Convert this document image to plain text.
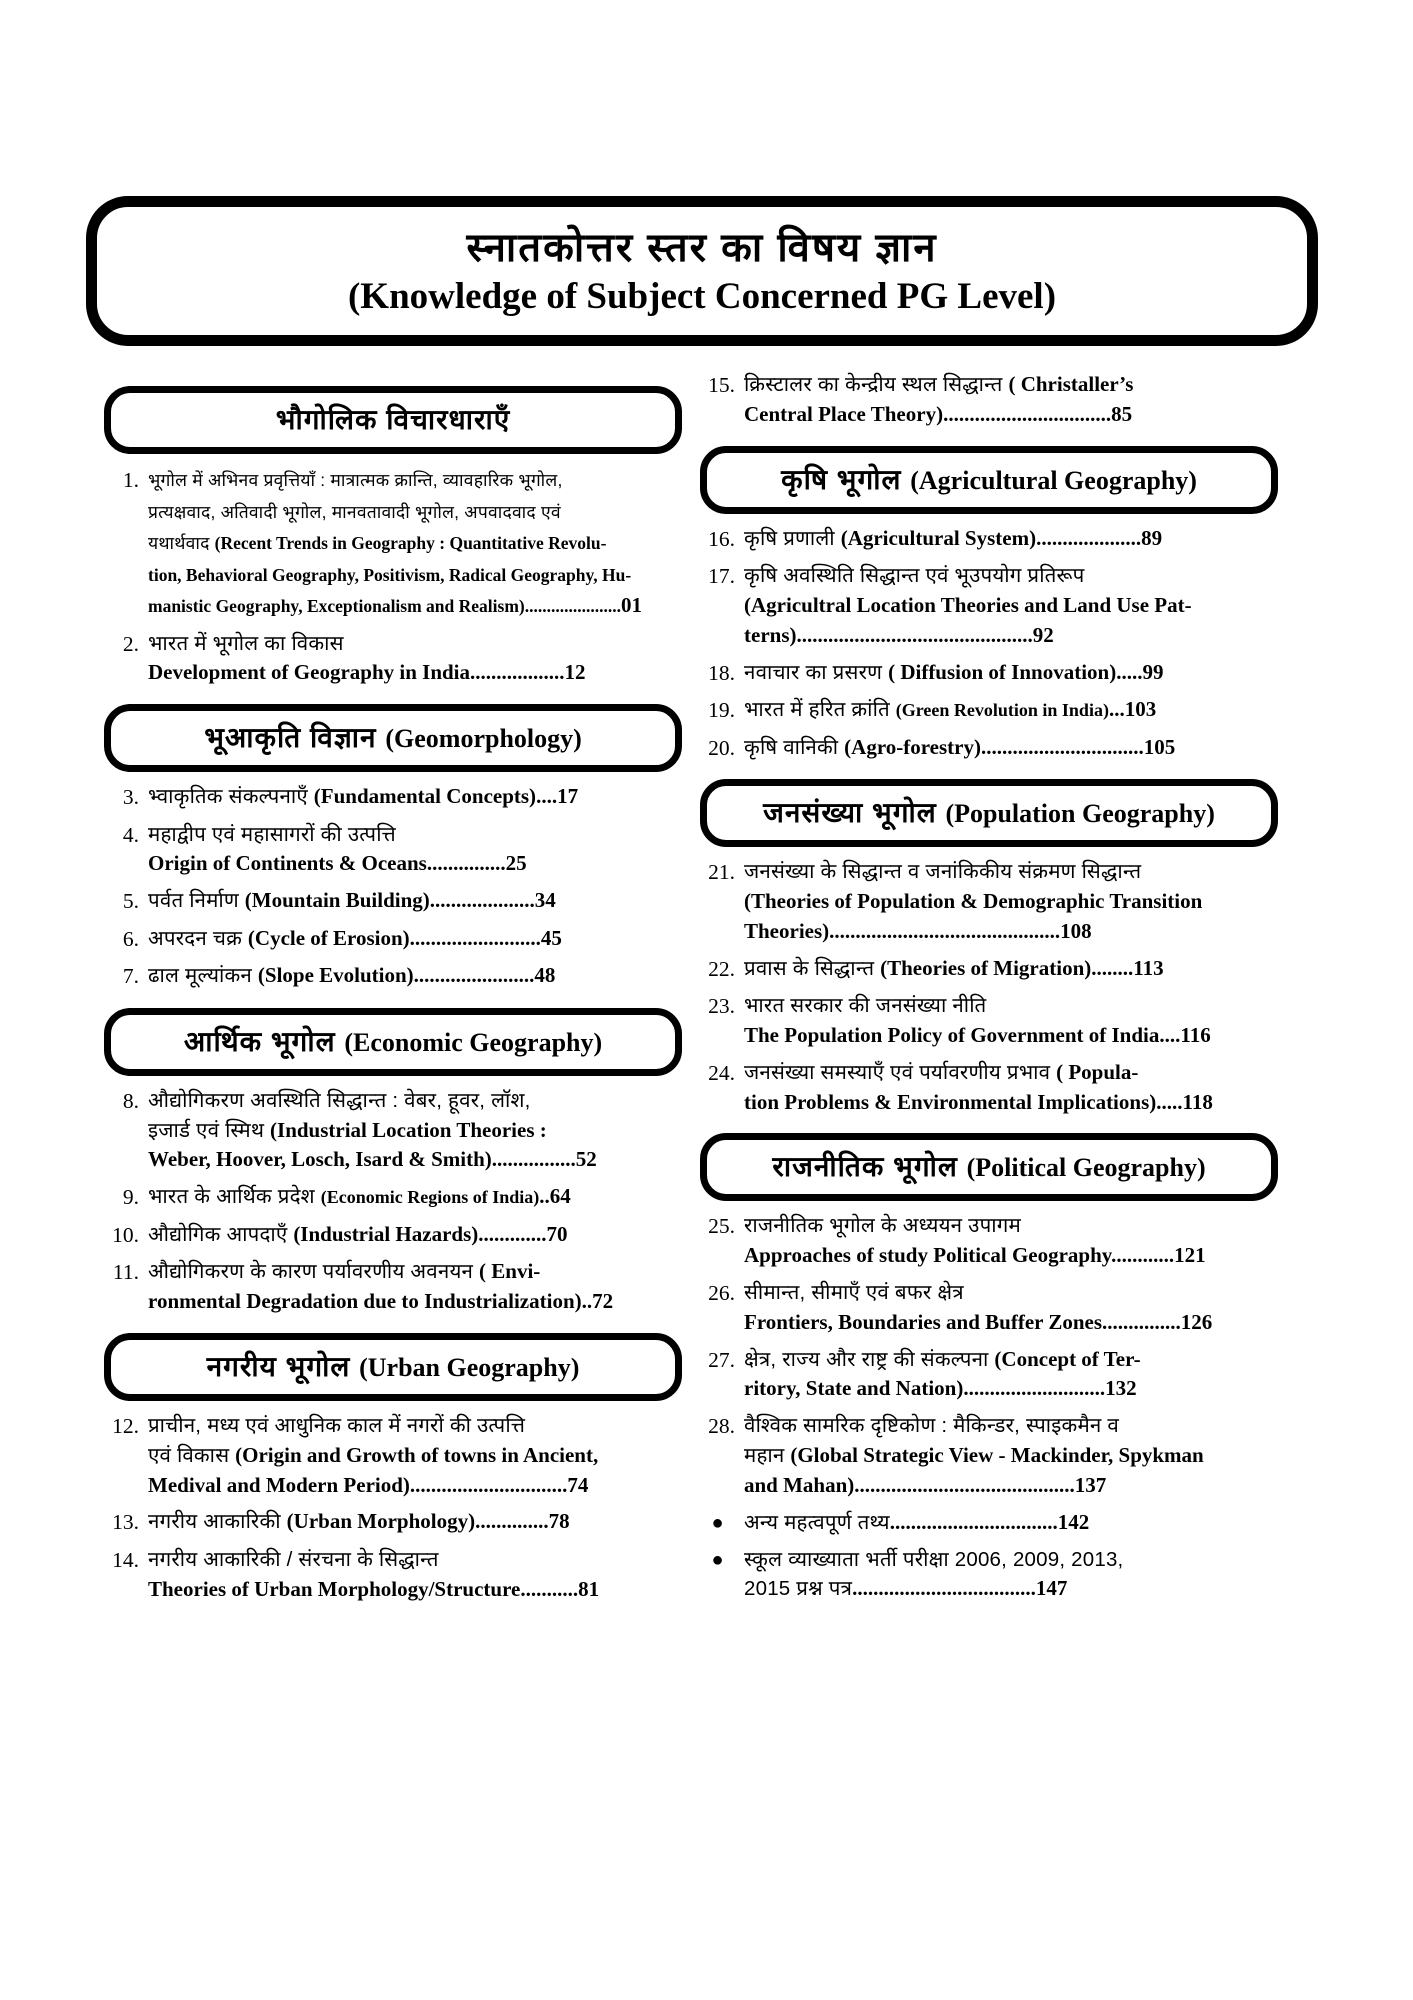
स्नातकोत्तर स्तर का विषय ज्ञान
(Knowledge of Subject Concerned PG Level)
भौगोलिक विचारधाराएँ
1. भूगोल में अभिनव प्रवृत्तियाँ : मात्रात्मक क्रान्ति, व्यावहारिक भूगोल,
प्रत्यक्षवाद, अतिवादी भूगोल, मानवतावादी भूगोल, अपवादवाद एवं
यथार्थवाद (Recent Trends in Geography : Quantitative Revolu-
tion, Behavioral Geography, Positivism, Radical Geography, Hu-
manistic Geography, Exceptionalism and Realism)......................01
2. भारत में भूगोल का विकास
Development of Geography in India..................12
भूआकृति विज्ञान (Geomorphology)
3. भ्वाकृतिक संकल्पनाएँ (Fundamental Concepts)....17
4. महाद्वीप एवं महासागरों की उत्पत्ति
Origin of Continents & Oceans...............25
5. पर्वत निर्माण (Mountain Building)....................34
6. अपरदन चक्र (Cycle of Erosion).........................45
7. ढाल मूल्यांकन (Slope Evolution).......................48
आर्थिक भूगोल (Economic Geography)
8. औद्योगिकरण अवस्थिति सिद्धान्त : वेबर, हूवर, लॉश,
इजार्ड एवं स्मिथ (Industrial Location Theories :
Weber, Hoover, Losch, Isard & Smith)................52
9. भारत के आर्थिक प्रदेश (Economic Regions of India)..64
10. औद्योगिक आपदाएँ (Industrial Hazards).............70
11. औद्योगिकरण के कारण पर्यावरणीय अवनयन ( Envi-
ronmental Degradation due to Industrialization)..72
नगरीय भूगोल (Urban Geography)
12. प्राचीन, मध्य एवं आधुनिक काल में नगरों की उत्पत्ति
एवं विकास (Origin and Growth of towns in Ancient,
Medival and Modern Period)..............................74
13. नगरीय आकारिकी (Urban Morphology)..............78
14. नगरीय आकारिकी / संरचना के सिद्धान्त
Theories of Urban Morphology/Structure...........81
15. क्रिस्टालर का केन्द्रीय स्थल सिद्धान्त ( Christaller’s
Central Place Theory)................................85
कृषि भूगोल (Agricultural Geography)
16. कृषि प्रणाली (Agricultural System)....................89
17. कृषि अवस्थिति सिद्धान्त एवं भूउपयोग प्रतिरूप
(Agricultral Location Theories and Land Use Pat-
terns).............................................92
18. नवाचार का प्रसरण ( Diffusion of Innovation).....99
19. भारत में हरित क्रांति (Green Revolution in India)...103
20. कृषि वानिकी (Agro-forestry)...............................105
जनसंख्या भूगोल (Population Geography)
21. जनसंख्या के सिद्धान्त व जनांकिकीय संक्रमण सिद्धान्त
(Theories of Population & Demographic Transition
Theories)............................................108
22. प्रवास के सिद्धान्त (Theories of Migration)........113
23. भारत सरकार की जनसंख्या नीति
The Population Policy of Government of India....116
24. जनसंख्या समस्याएँ एवं पर्यावरणीय प्रभाव ( Popula-
tion Problems & Environmental Implications).....118
राजनीतिक भूगोल (Political Geography)
25. राजनीतिक भूगोल के अध्ययन उपागम
Approaches of study Political Geography............121
26. सीमान्त, सीमाएँ एवं बफर क्षेत्र
Frontiers, Boundaries and Buffer Zones...............126
27. क्षेत्र, राज्य और राष्ट्र की संकल्पना (Concept of Ter-
ritory, State and Nation)...........................132
28. वैश्विक सामरिक दृष्टिकोण : मैकिन्डर, स्पाइकमैन व
महान (Global Strategic View - Mackinder, Spykman
and Mahan)..........................................137
● अन्य महत्वपूर्ण तथ्य................................142
● स्कूल व्याख्याता भर्ती परीक्षा 2006, 2009, 2013,
2015 प्रश्न पत्र...................................147
